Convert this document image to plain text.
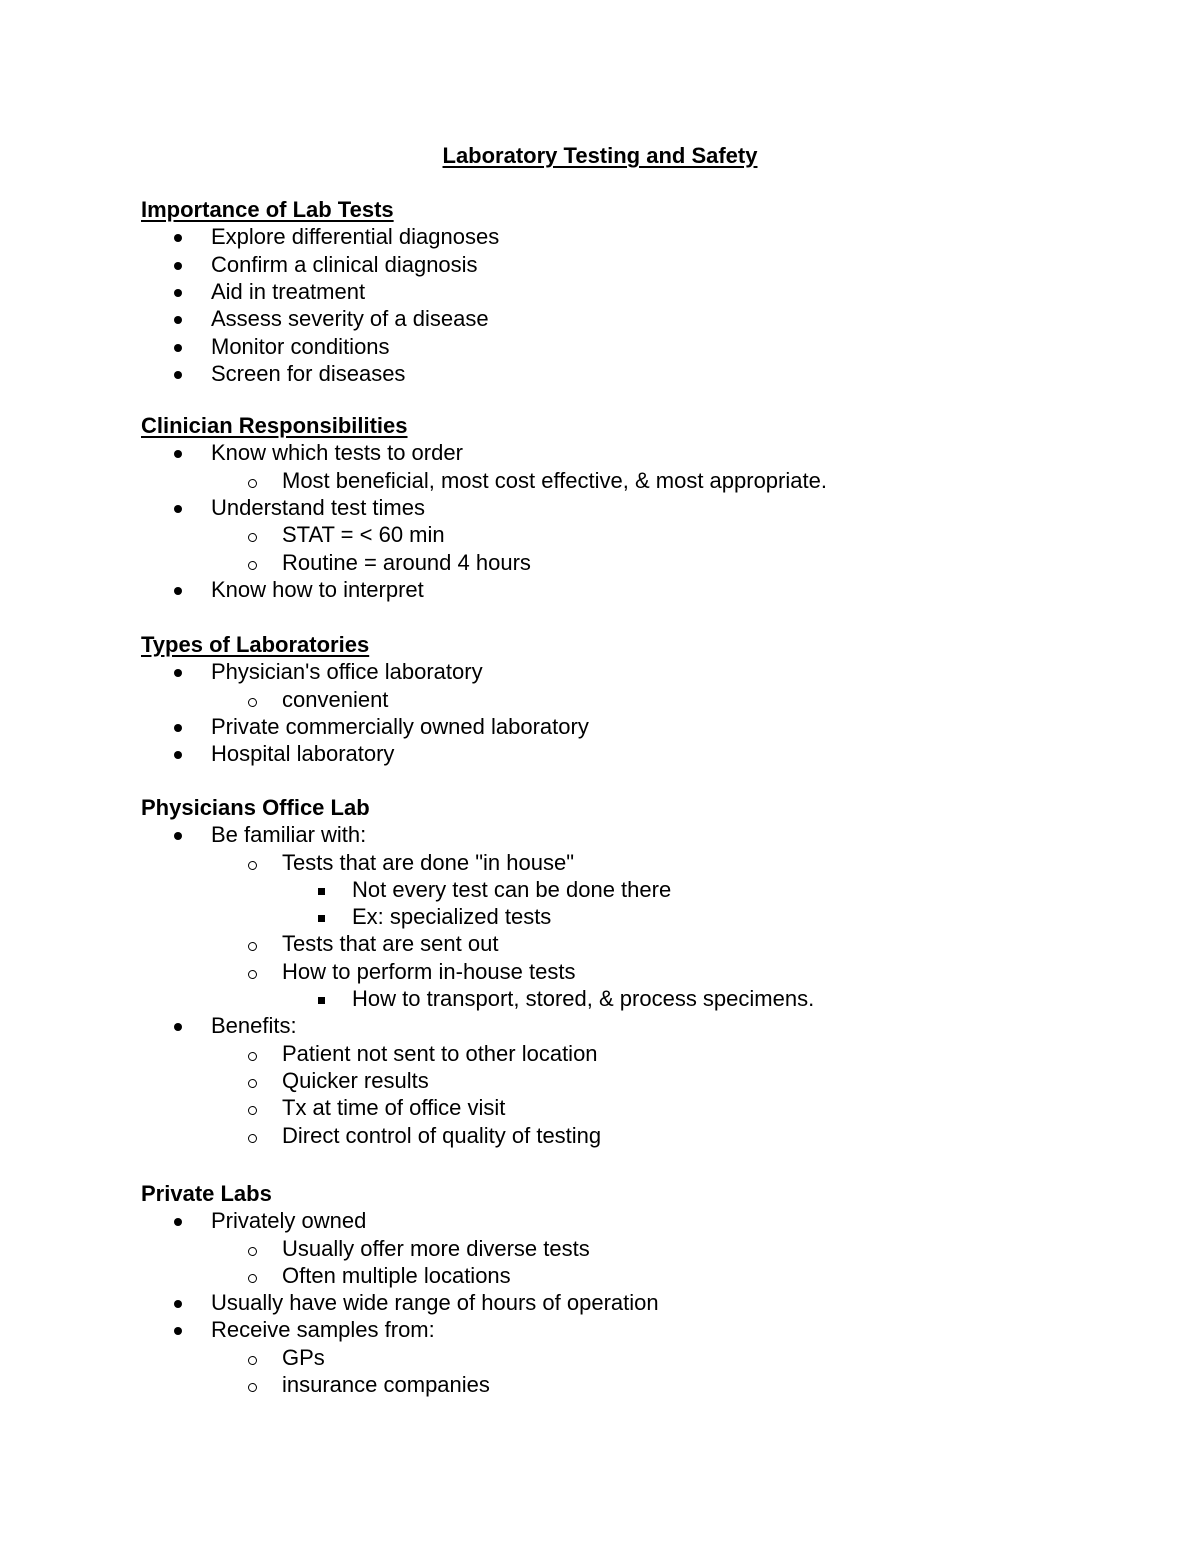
Laboratory Testing and Safety
Importance of Lab Tests
Explore differential diagnoses
Confirm a clinical diagnosis
Aid in treatment
Assess severity of a disease
Monitor conditions
Screen for diseases
Clinician Responsibilities
Know which tests to order
Most beneficial, most cost effective, & most appropriate.
Understand test times
STAT = < 60 min
Routine = around 4 hours
Know how to interpret
Types of Laboratories
Physician's office laboratory
convenient
Private commercially owned laboratory
Hospital laboratory
Physicians Office Lab
Be familiar with:
Tests that are done "in house"
Not every test can be done there
Ex: specialized tests
Tests that are sent out
How to perform in-house tests
How to transport, stored, & process specimens.
Benefits:
Patient not sent to other location
Quicker results
Tx at time of office visit
Direct control of quality of testing
Private Labs
Privately owned
Usually offer more diverse tests
Often multiple locations
Usually have wide range of hours of operation
Receive samples from:
GPs
insurance companies
